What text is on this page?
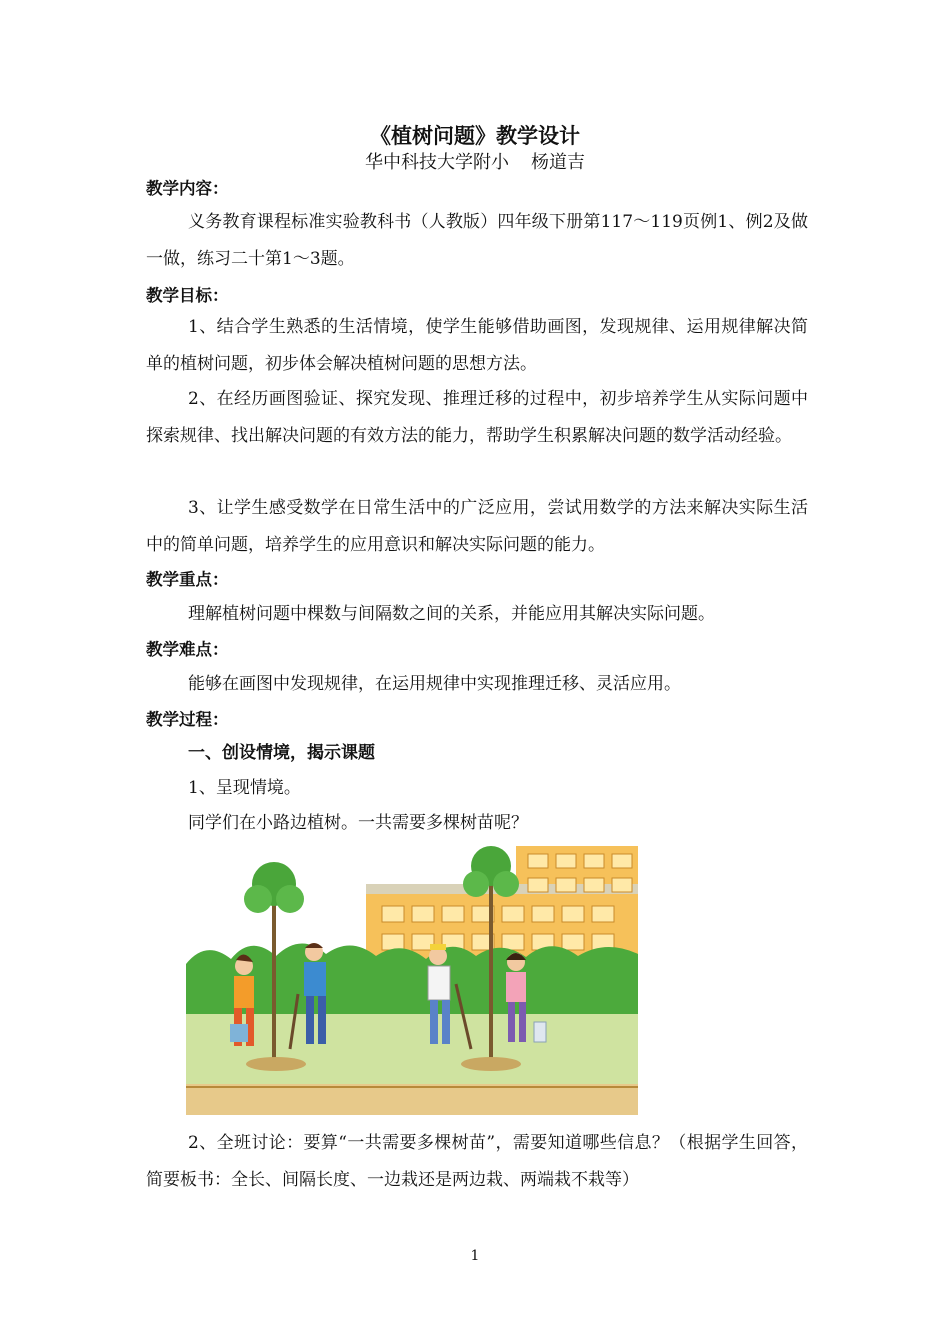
《植树问题》教学设计
华中科技大学附小 杨道吉
教学内容：
义务教育课程标准实验教科书（人教版）四年级下册第117～119页例1、例2及做一做，练习二十第1～3题。
教学目标：
1、结合学生熟悉的生活情境，使学生能够借助画图，发现规律、运用规律解决简单的植树问题，初步体会解决植树问题的思想方法。
2、在经历画图验证、探究发现、推理迁移的过程中，初步培养学生从实际问题中探索规律、找出解决问题的有效方法的能力，帮助学生积累解决问题的数学活动经验。
3、让学生感受数学在日常生活中的广泛应用，尝试用数学的方法来解决实际生活中的简单问题，培养学生的应用意识和解决实际问题的能力。
教学重点：
理解植树问题中棵数与间隔数之间的关系，并能应用其解决实际问题。
教学难点：
能够在画图中发现规律，在运用规律中实现推理迁移、灵活应用。
教学过程：
一、创设情境，揭示课题
1、呈现情境。
同学们在小路边植树。一共需要多棵树苗呢？
2、全班讨论：要算“一共需要多棵树苗”，需要知道哪些信息？（根据学生回答，简要板书：全长、间隔长度、一边栽还是两边栽、两端栽不栽等）
1
